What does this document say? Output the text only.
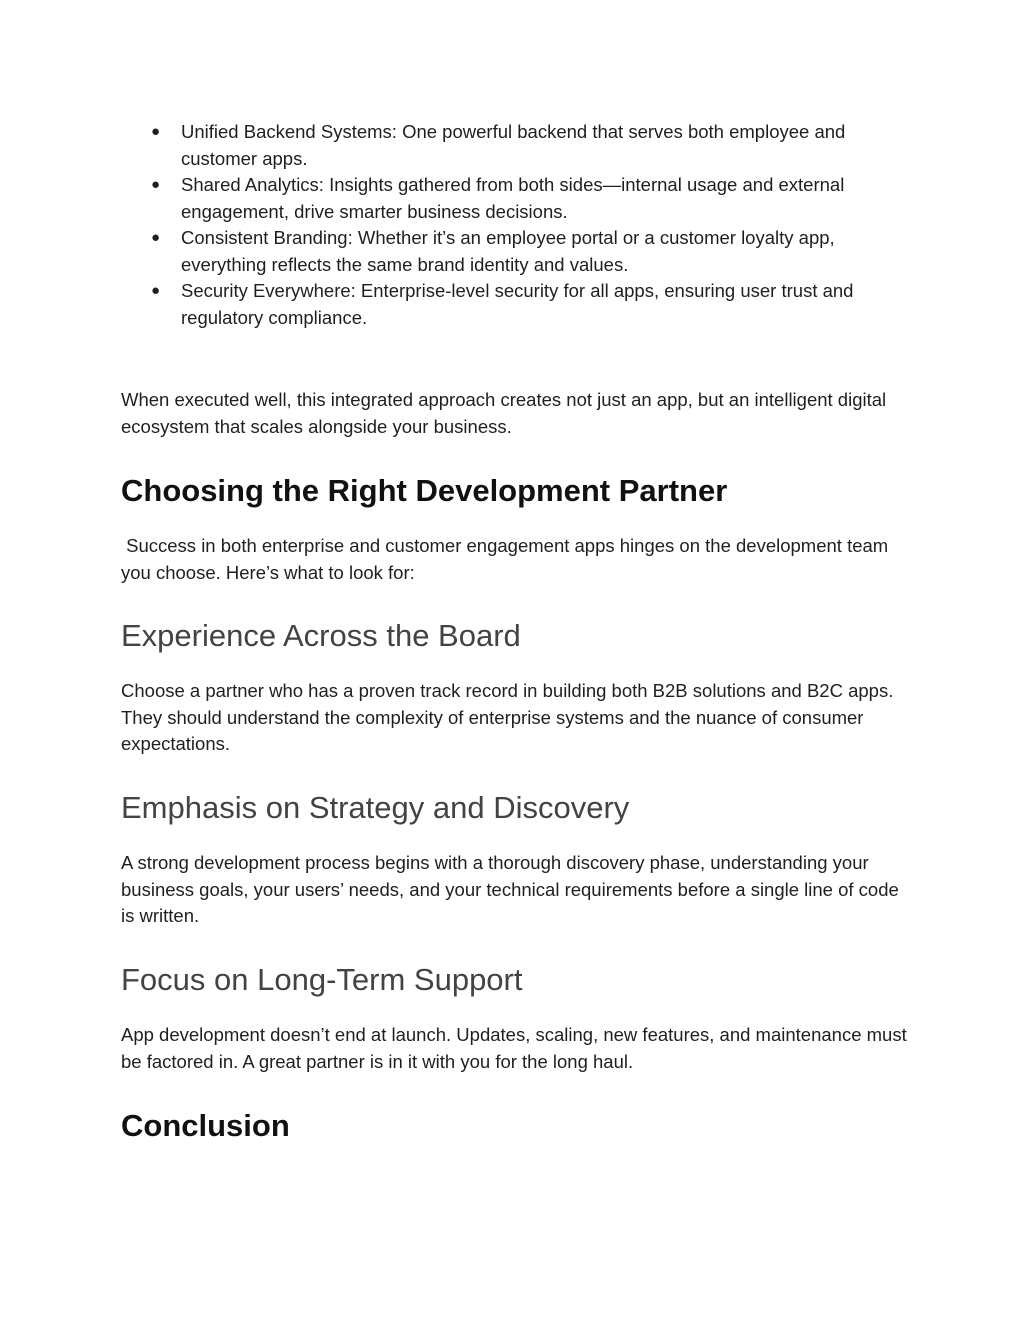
● Unified Backend Systems: One powerful backend that serves both employee and customer apps.
● Shared Analytics: Insights gathered from both sides—internal usage and external engagement, drive smarter business decisions.
● Consistent Branding: Whether it’s an employee portal or a customer loyalty app, everything reflects the same brand identity and values.
● Security Everywhere: Enterprise-level security for all apps, ensuring user trust and regulatory compliance.

When executed well, this integrated approach creates not just an app, but an intelligent digital ecosystem that scales alongside your business.

Choosing the Right Development Partner

Success in both enterprise and customer engagement apps hinges on the development team you choose. Here’s what to look for:

Experience Across the Board

Choose a partner who has a proven track record in building both B2B solutions and B2C apps. They should understand the complexity of enterprise systems and the nuance of consumer expectations.

Emphasis on Strategy and Discovery

A strong development process begins with a thorough discovery phase, understanding your business goals, your users’ needs, and your technical requirements before a single line of code is written.

Focus on Long-Term Support

App development doesn’t end at launch. Updates, scaling, new features, and maintenance must be factored in. A great partner is in it with you for the long haul.

Conclusion
